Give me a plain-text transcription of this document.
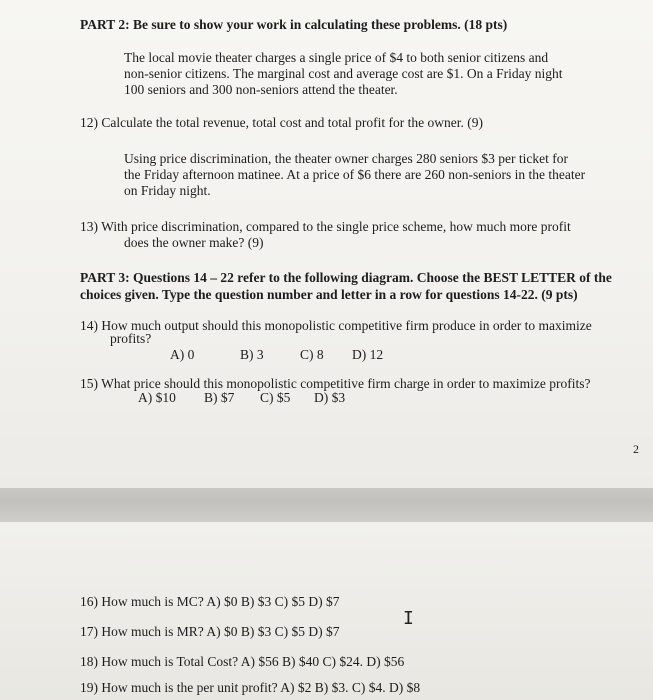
PART 2: Be sure to show your work in calculating these problems. (18 pts)
The local movie theater charges a single price of $4 to both senior citizens and
non-senior citizens. The marginal cost and average cost are $1. On a Friday night
100 seniors and 300 non-seniors attend the theater.
12) Calculate the total revenue, total cost and total profit for the owner. (9)
Using price discrimination, the theater owner charges 280 seniors $3 per ticket for
the Friday afternoon matinee. At a price of $6 there are 260 non-seniors in the theater
on Friday night.
13) With price discrimination, compared to the single price scheme, how much more profit
does the owner make? (9)
PART 3: Questions 14 – 22 refer to the following diagram. Choose the BEST LETTER of the
choices given. Type the question number and letter in a row for questions 14-22. (9 pts)
14) How much output should this monopolistic competitive firm produce in order to maximize
profits?
A) 0	B) 3	C) 8 D) 12
15) What price should this monopolistic competitive firm charge in order to maximize profits?
A) $10 B) $7 C) $5 D) $3
2
16) How much is MC? A) $0 B) $3 C) $5 D) $7
17) How much is MR? A) $0 B) $3 C) $5 D) $7
18) How much is Total Cost? A) $56 B) $40 C) $24. D) $56
19) How much is the per unit profit? A) $2 B) $3. C) $4. D) $8
I
